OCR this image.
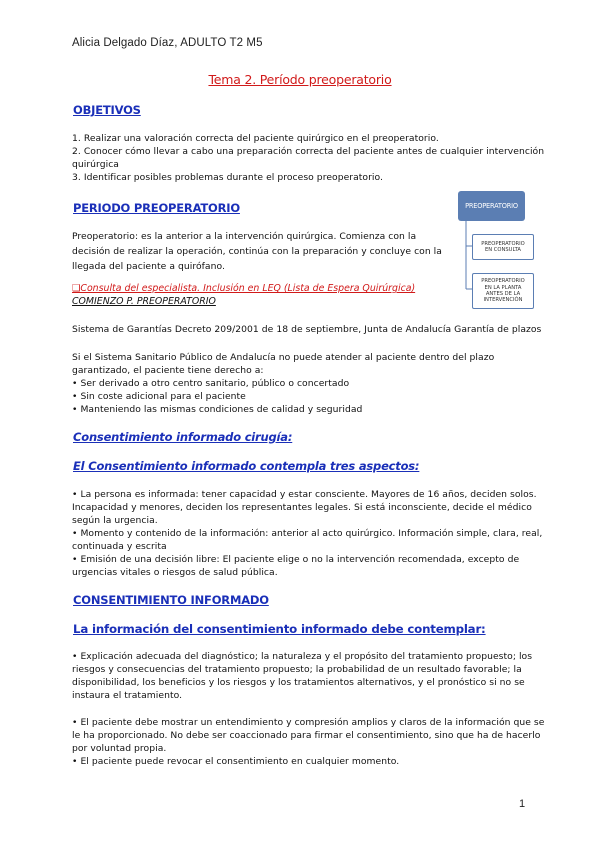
Alicia Delgado Díaz, ADULTO T2 M5
Tema 2. Período preoperatorio
OBJETIVOS
1. Realizar una valoración correcta del paciente quirúrgico en el preoperatorio.
2. Conocer cómo llevar a cabo una preparación correcta del paciente antes de cualquier intervención
quirúrgica
3. Identificar posibles problemas durante el proceso preoperatorio.
PERIODO PREOPERATORIO
Preoperatorio: es la anterior a la intervención quirúrgica. Comienza con la
decisión de realizar la operación, continúa con la preparación y concluye con la
llegada del paciente a quirófano.
PREOPERATORIO
PREOPERATORIO
EN CONSULTA
PREOPERATORIO
EN LA PLANTA
ANTES DE LA
INTERVENCIÓN
❑Consulta del especialista. Inclusión en LEQ (Lista de Espera Quirúrgica)
COMIENZO P. PREOPERATORIO
Sistema de Garantías Decreto 209/2001 de 18 de septiembre, Junta de Andalucía Garantía de plazos
Si el Sistema Sanitario Público de Andalucía no puede atender al paciente dentro del plazo
garantizado, el paciente tiene derecho a:
• Ser derivado a otro centro sanitario, público o concertado
• Sin coste adicional para el paciente
• Manteniendo las mismas condiciones de calidad y seguridad
Consentimiento informado cirugía:
El Consentimiento informado contempla tres aspectos:
• La persona es informada: tener capacidad y estar consciente. Mayores de 16 años, deciden solos.
Incapacidad y menores, deciden los representantes legales. Si está inconsciente, decide el médico
según la urgencia.
• Momento y contenido de la información: anterior al acto quirúrgico. Información simple, clara, real,
continuada y escrita
• Emisión de una decisión libre: El paciente elige o no la intervención recomendada, excepto de
urgencias vitales o riesgos de salud pública.
CONSENTIMIENTO INFORMADO
La información del consentimiento informado debe contemplar:
• Explicación adecuada del diagnóstico; la naturaleza y el propósito del tratamiento propuesto; los
riesgos y consecuencias del tratamiento propuesto; la probabilidad de un resultado favorable; la
disponibilidad, los beneficios y los riesgos y los tratamientos alternativos, y el pronóstico si no se
instaura el tratamiento.
• El paciente debe mostrar un entendimiento y compresión amplios y claros de la información que se
le ha proporcionado. No debe ser coaccionado para firmar el consentimiento, sino que ha de hacerlo
por voluntad propia.
• El paciente puede revocar el consentimiento en cualquier momento.
1
